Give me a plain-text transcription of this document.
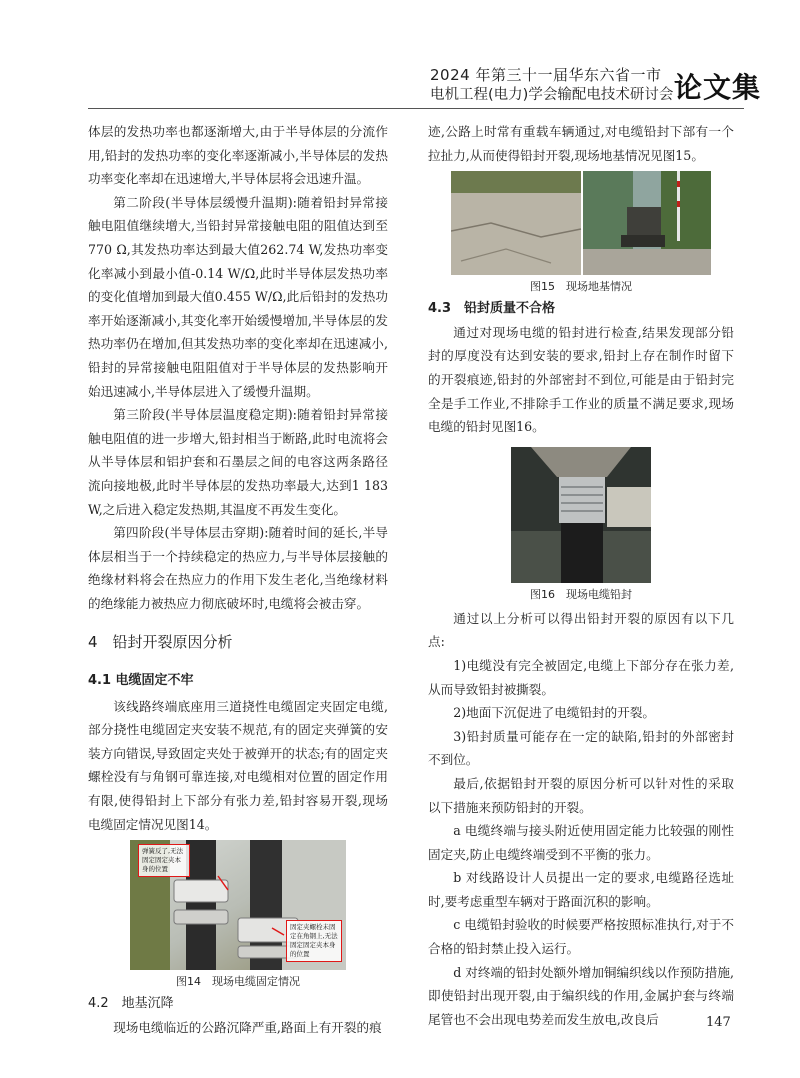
2024 年第三十一届华东六省一市
电机工程(电力)学会输配电技术研讨会 论文集

体层的发热功率也都逐渐增大,由于半导体层的分流作用,铅封的发热功率的变化率逐渐减小,半导体层的发热功率变化率却在迅速增大,半导体层将会迅速升温。

第二阶段(半导体层缓慢升温期):随着铅封异常接触电阻值继续增大,当铅封异常接触电阻的阻值达到至770 Ω,其发热功率达到最大值262.74 W,发热功率变化率减小到最小值-0.14 W/Ω,此时半导体层发热功率的变化值增加到最大值0.455 W/Ω,此后铅封的发热功率开始逐渐减小,其变化率开始缓慢增加,半导体层的发热功率仍在增加,但其发热功率的变化率却在迅速减小,铅封的异常接触电阻阻值对于半导体层的发热影响开始迅速减小,半导体层进入了缓慢升温期。

第三阶段(半导体层温度稳定期):随着铅封异常接触电阻值的进一步增大,铅封相当于断路,此时电流将会从半导体层和铝护套和石墨层之间的电容这两条路径流向接地极,此时半导体层的发热功率最大,达到1 183 W,之后进入稳定发热期,其温度不再发生变化。

第四阶段(半导体层击穿期):随着时间的延长,半导体层相当于一个持续稳定的热应力,与半导体层接触的绝缘材料将会在热应力的作用下发生老化,当绝缘材料的绝缘能力被热应力彻底破坏时,电缆将会被击穿。

4　铅封开裂原因分析

4.1 电缆固定不牢

该线路终端底座用三道挠性电缆固定夹固定电缆,部分挠性电缆固定夹安装不规范,有的固定夹弹簧的安装方向错误,导致固定夹处于被弹开的状态;有的固定夹螺栓没有与角钢可靠连接,对电缆相对位置的固定作用有限,使得铅封上下部分有张力差,铅封容易开裂,现场电缆固定情况见图14。

弹簧反了,无法固定固定夹本身的位置
固定夹螺栓未固定在角钢上,无法固定固定夹本身的位置
图14　现场电缆固定情况

4.2　地基沉降

现场电缆临近的公路沉降严重,路面上有开裂的痕

迹,公路上时常有重载车辆通过,对电缆铅封下部有一个拉扯力,从而使得铅封开裂,现场地基情况见图15。

图15　现场地基情况

4.3　铅封质量不合格

通过对现场电缆的铅封进行检查,结果发现部分铅封的厚度没有达到安装的要求,铅封上存在制作时留下的开裂痕迹,铅封的外部密封不到位,可能是由于铅封完全是手工作业,不排除手工作业的质量不满足要求,现场电缆的铅封见图16。

图16　现场电缆铅封

通过以上分析可以得出铅封开裂的原因有以下几点:

1)电缆没有完全被固定,电缆上下部分存在张力差,从而导致铅封被撕裂。

2)地面下沉促进了电缆铅封的开裂。

3)铅封质量可能存在一定的缺陷,铅封的外部密封不到位。

最后,依据铅封开裂的原因分析可以针对性的采取以下措施来预防铅封的开裂。

a 电缆终端与接头附近使用固定能力比较强的刚性固定夹,防止电缆终端受到不平衡的张力。

b 对线路设计人员提出一定的要求,电缆路径选址时,要考虑重型车辆对于路面沉积的影响。

c 电缆铅封验收的时候要严格按照标准执行,对于不合格的铅封禁止投入运行。

d 对终端的铅封处额外增加铜编织线以作预防措施,即使铅封出现开裂,由于编织线的作用,金属护套与终端尾管也不会出现电势差而发生放电,改良后	147
